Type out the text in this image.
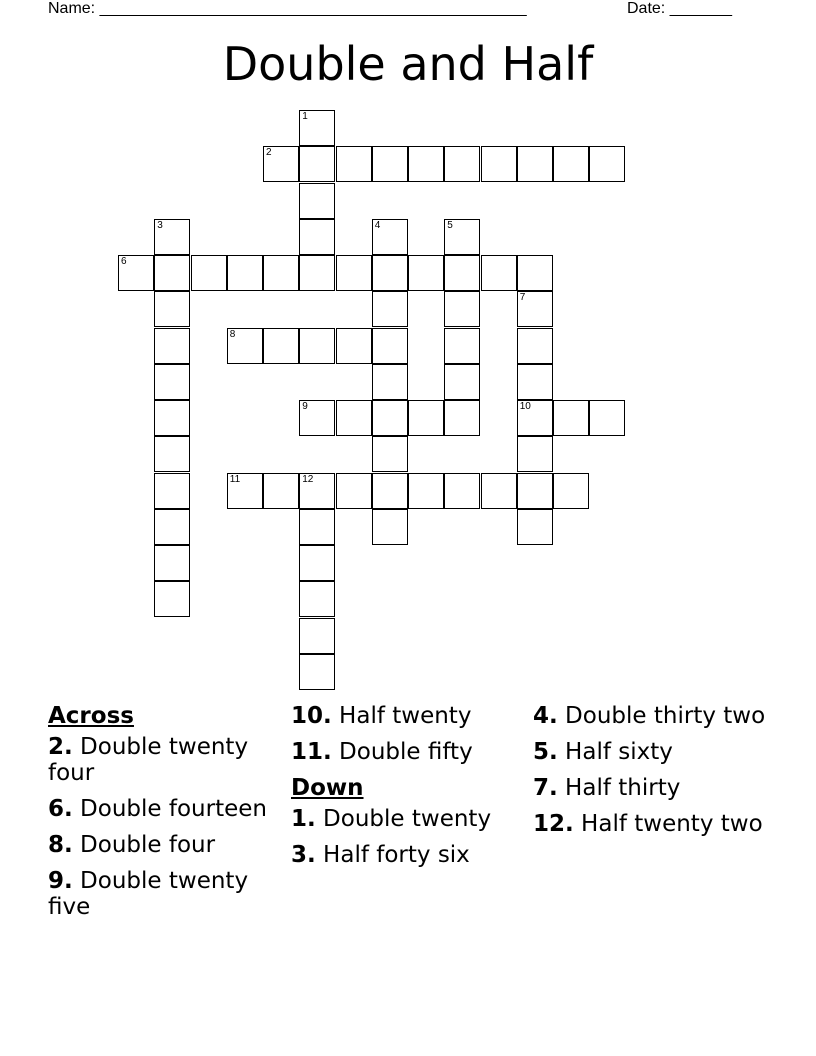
Name: ________________________________________________	Date: _______
Double and Half
1
2
3	4	5
6
7
8
9	10
11	12
Across
2. Double twenty four
6. Double fourteen
8. Double four
9. Double twenty five
10. Half twenty
11. Double fifty
Down
1. Double twenty
3. Half forty six
4. Double thirty two
5. Half sixty
7. Half thirty
12. Half twenty two
